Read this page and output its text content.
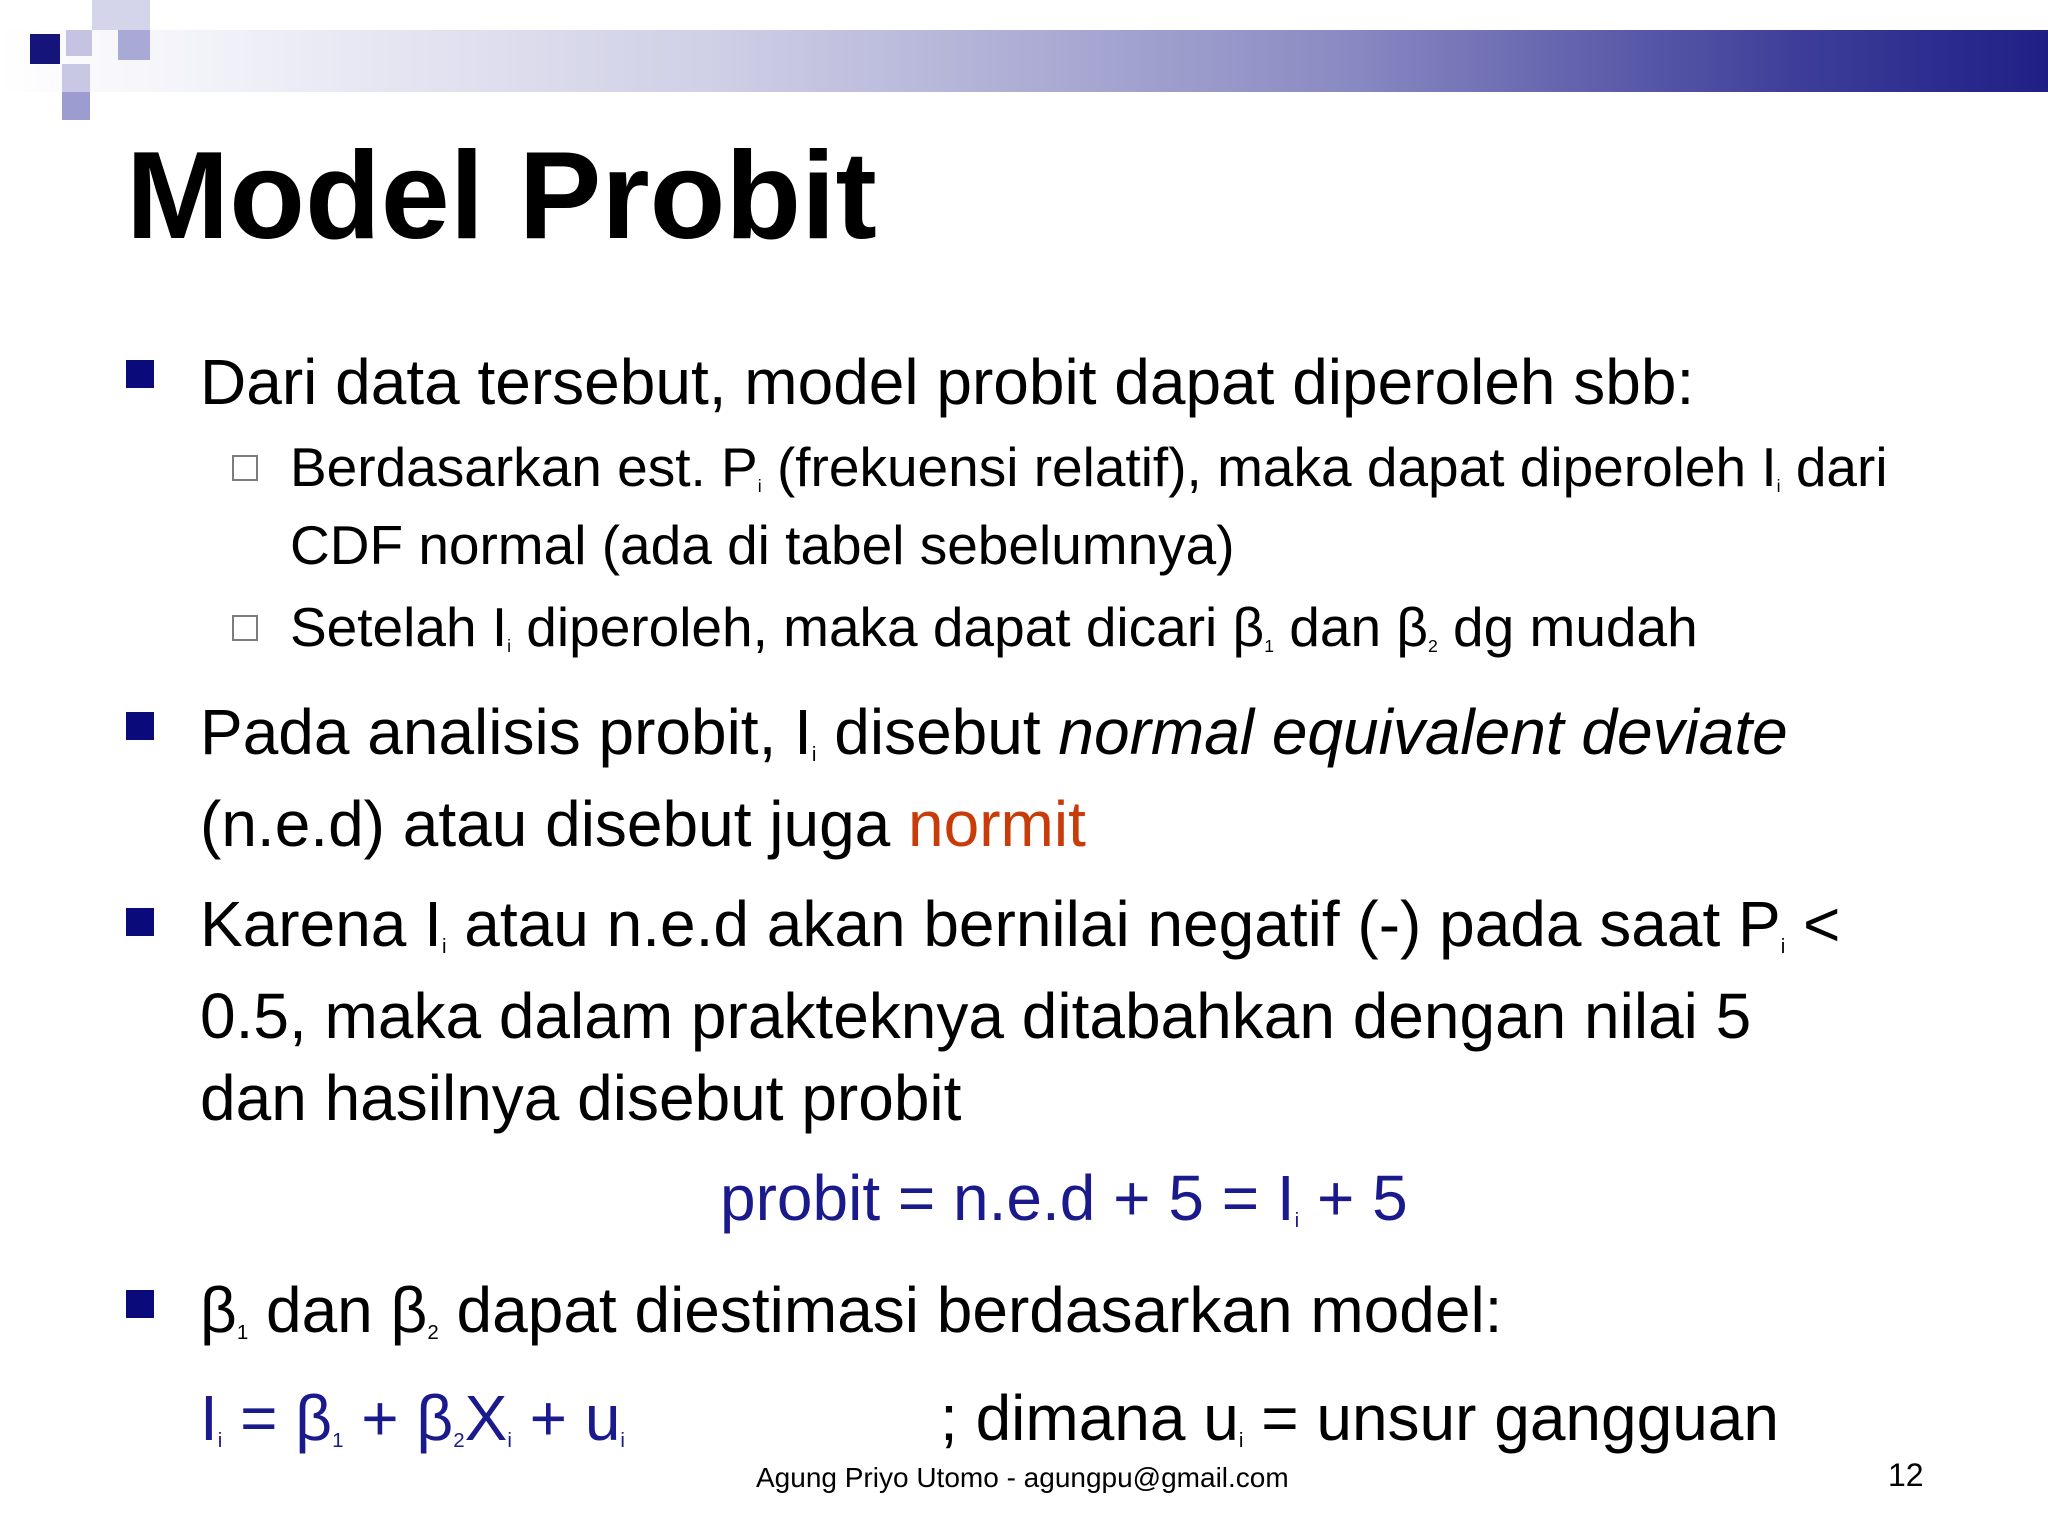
Model Probit
Dari data tersebut, model probit dapat diperoleh sbb:
Berdasarkan est. $P_i$ (frekuensi relatif), maka dapat diperoleh $I_i$ dari
CDF normal (ada di tabel sebelumnya)
Setelah $I_i$ diperoleh, maka dapat dicari $\beta_1$ dan $\beta_2$ dg mudah
Pada analisis probit, $I_i$ disebut normal equivalent deviate
(n.e.d) atau disebut juga normit
Karena $I_i$ atau n.e.d akan bernilai negatif (-) pada saat $P_i$ <
0.5, maka dalam prakteknya ditabahkan dengan nilai 5
dan hasilnya disebut probit
probit = $n.e.d + 5 = I_i + 5$
$\beta_1$ dan $\beta_2$ dapat diestimasi berdasarkan model:
$I_i = \beta_1 + \beta_2X_i + u_i$	; dimana $u_i$ = unsur gangguan
Agung Priyo Utomo - agungpu@gmail.com	12
